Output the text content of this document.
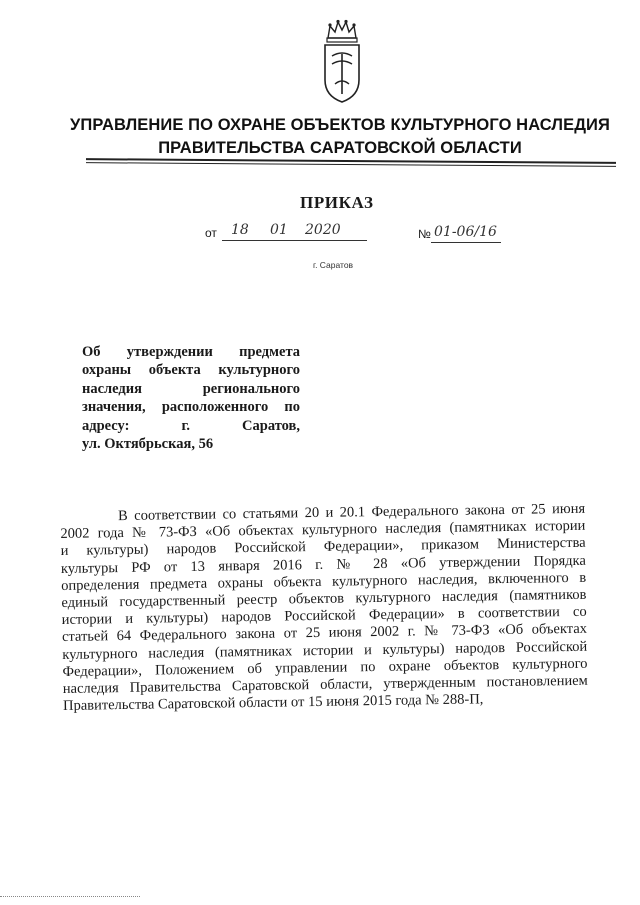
УПРАВЛЕНИЕ ПО ОХРАНЕ ОБЪЕКТОВ КУЛЬТУРНОГО НАСЛЕДИЯ
ПРАВИТЕЛЬСТВА САРАТОВСКОЙ ОБЛАСТИ
ПРИКАЗ
от 18 01 2020	№ 01-06/16
г. Саратов
Об утверждении предмета
охраны объекта культурного
наследия регионального
значения, расположенного по
адресу: г. Саратов,
ул. Октябрьская, 56
В соответствии со статьями 20 и 20.1 Федерального закона от 25 июня
2002 года № 73-ФЗ «Об объектах культурного наследия (памятниках истории
и культуры) народов Российской Федерации», приказом Министерства
культуры РФ от 13 января 2016 г. № 28 «Об утверждении Порядка
определения предмета охраны объекта культурного наследия, включенного в
единый государственный реестр объектов культурного наследия (памятников
истории и культуры) народов Российской Федерации» в соответствии со
статьей 64 Федерального закона от 25 июня 2002 г. № 73-ФЗ «Об объектах
культурного наследия (памятниках истории и культуры) народов Российской
Федерации», Положением об управлении по охране объектов культурного
наследия Правительства Саратовской области, утвержденным постановлением
Правительства Саратовской области от 15 июня 2015 года № 288-П,
